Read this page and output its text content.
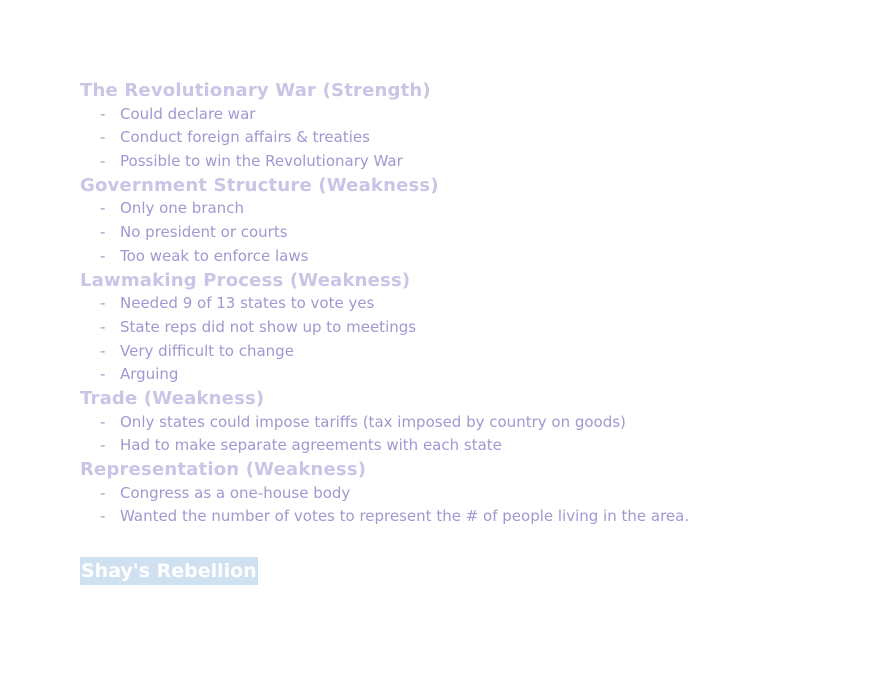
The Revolutionary War (Strength)
- Could declare war
- Conduct foreign affairs & treaties
- Possible to win the Revolutionary War
Government Structure (Weakness)
- Only one branch
- No president or courts
- Too weak to enforce laws
Lawmaking Process (Weakness)
- Needed 9 of 13 states to vote yes
- State reps did not show up to meetings
- Very difficult to change
- Arguing
Trade (Weakness)
- Only states could impose tariffs (tax imposed by country on goods)
- Had to make separate agreements with each state
Representation (Weakness)
- Congress as a one-house body
- Wanted the number of votes to represent the # of people living in the area.
Shay's Rebellion
